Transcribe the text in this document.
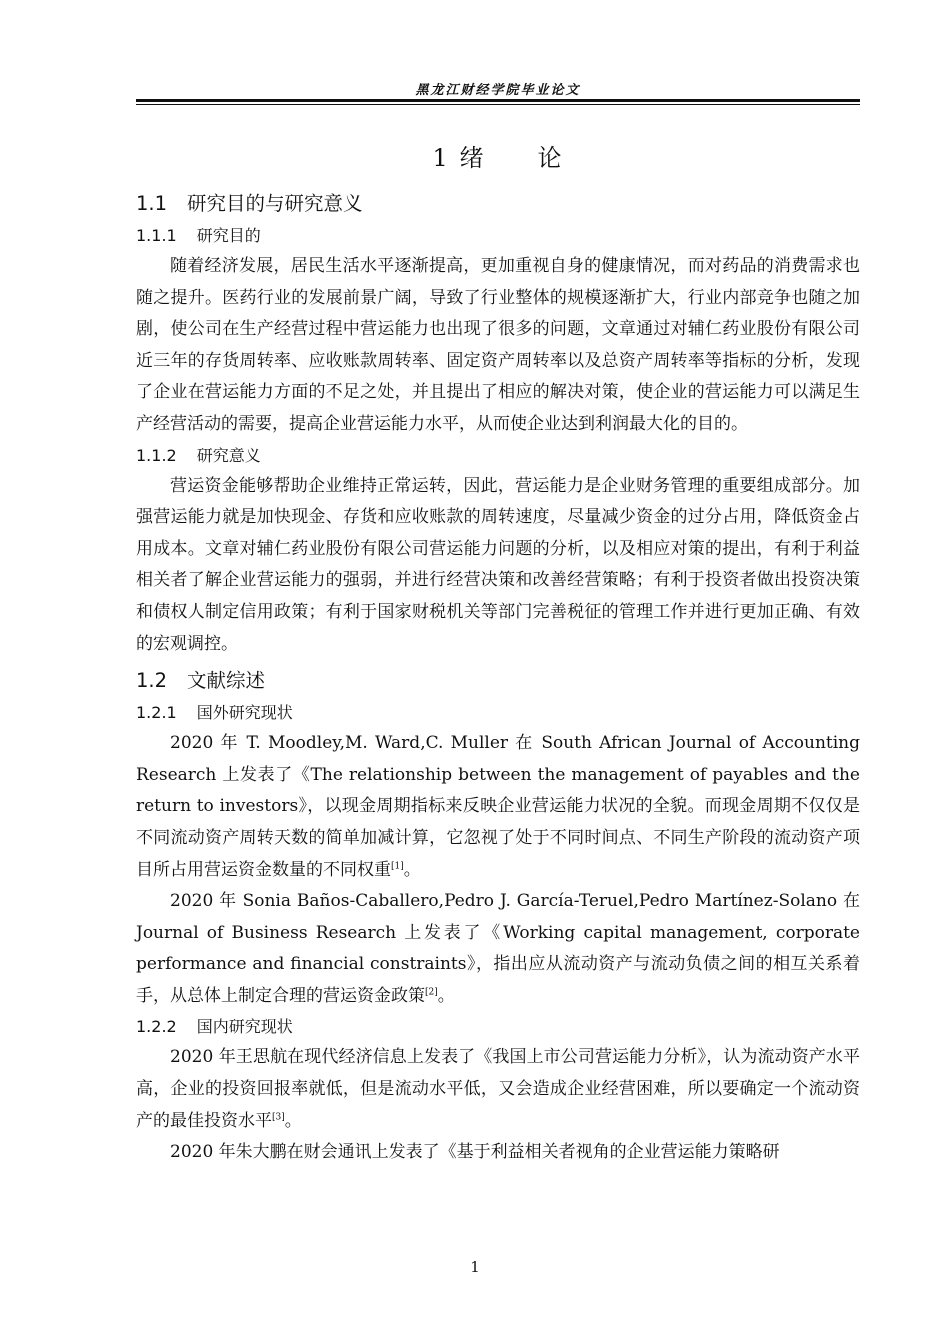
黑龙江财经学院毕业论文
1 绪　　论
1.1 研究目的与研究意义
1.1.1 研究目的

随着经济发展，居民生活水平逐渐提高，更加重视自身的健康情况，而对药品的消费需求也随之提升。医药行业的发展前景广阔，导致了行业整体的规模逐渐扩大，行业内部竞争也随之加剧，使公司在生产经营过程中营运能力也出现了很多的问题，文章通过对辅仁药业股份有限公司近三年的存货周转率、应收账款周转率、固定资产周转率以及总资产周转率等指标的分析，发现了企业在营运能力方面的不足之处，并且提出了相应的解决对策，使企业的营运能力可以满足生产经营活动的需要，提高企业营运能力水平，从而使企业达到利润最大化的目的。

1.1.2 研究意义

营运资金能够帮助企业维持正常运转，因此，营运能力是企业财务管理的重要组成部分。加强营运能力就是加快现金、存货和应收账款的周转速度，尽量减少资金的过分占用，降低资金占用成本。文章对辅仁药业股份有限公司营运能力问题的分析，以及相应对策的提出，有利于利益相关者了解企业营运能力的强弱，并进行经营决策和改善经营策略；有利于投资者做出投资决策和债权人制定信用政策；有利于国家财税机关等部门完善税征的管理工作并进行更加正确、有效的宏观调控。

1.2 文献综述
1.2.1 国外研究现状

2020 年 T. Moodley,M. Ward,C. Muller 在 South African Journal of Accounting Research 上发表了《The relationship between the management of payables and the return to investors》，以现金周期指标来反映企业营运能力状况的全貌。而现金周期不仅仅是不同流动资产周转天数的简单加减计算，它忽视了处于不同时间点、不同生产阶段的流动资产项目所占用营运资金数量的不同权重[1]。

2020 年 Sonia Baños-Caballero,Pedro J. García-Teruel,Pedro Martínez-Solano 在 Journal of Business Research 上发表了《Working capital management, corporate performance and financial constraints》，指出应从流动资产与流动负债之间的相互关系着手，从总体上制定合理的营运资金政策[2]。

1.2.2 国内研究现状

2020 年王思航在现代经济信息上发表了《我国上市公司营运能力分析》，认为流动资产水平高，企业的投资回报率就低，但是流动水平低，又会造成企业经营困难，所以要确定一个流动资产的最佳投资水平[3]。

2020 年朱大鹏在财会通讯上发表了《基于利益相关者视角的企业营运能力策略研

1
